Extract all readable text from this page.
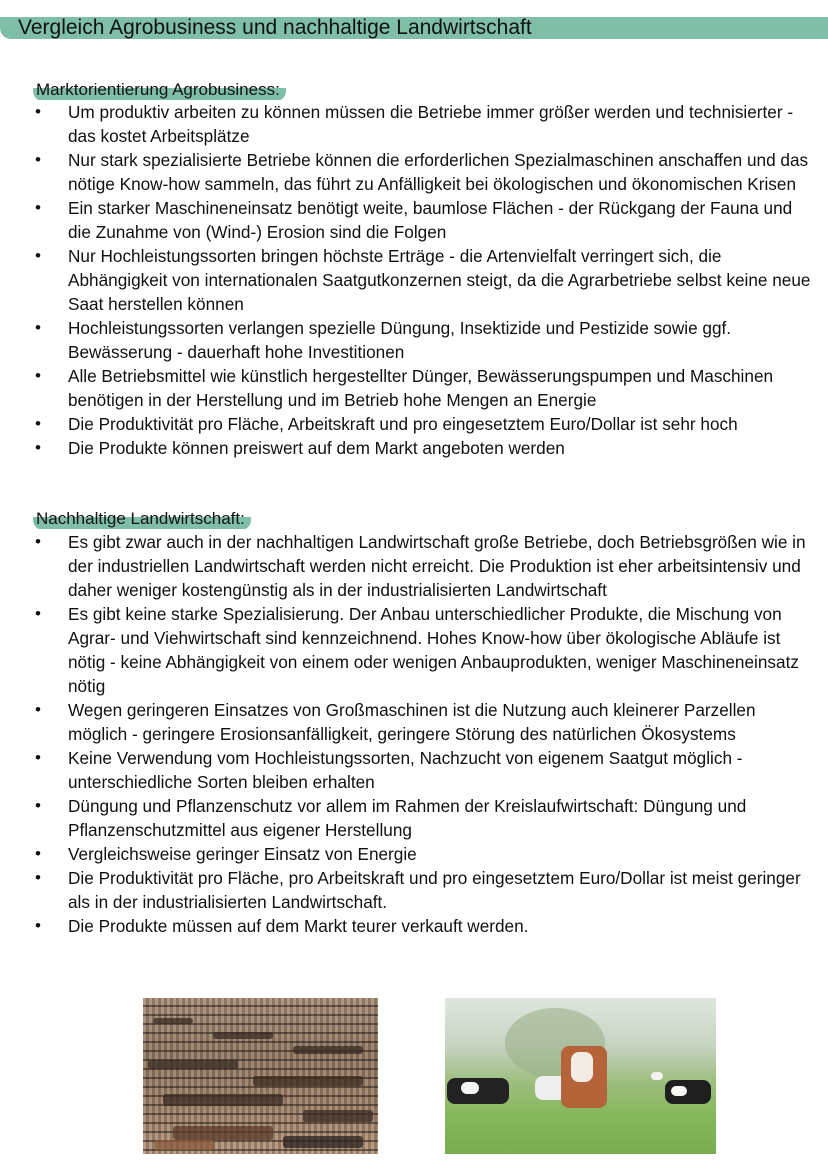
Vergleich Agrobusiness und nachhaltige Landwirtschaft
Marktorientierung Agrobusiness:
• Um produktiv arbeiten zu können müssen die Betriebe immer größer werden und technisierter - das kostet Arbeitsplätze
• Nur stark spezialisierte Betriebe können die erforderlichen Spezialmaschinen anschaffen und das nötige Know-how sammeln, das führt zu Anfälligkeit bei ökologischen und ökonomischen Krisen
• Ein starker Maschineneinsatz benötigt weite, baumlose Flächen - der Rückgang der Fauna und die Zunahme von (Wind-) Erosion sind die Folgen
• Nur Hochleistungssorten bringen höchste Erträge - die Artenvielfalt verringert sich, die Abhängigkeit von internationalen Saatgutkonzernen steigt, da die Agrarbetriebe selbst keine neue Saat herstellen können
• Hochleistungssorten verlangen spezielle Düngung, Insektizide und Pestizide sowie ggf. Bewässerung - dauerhaft hohe Investitionen
• Alle Betriebsmittel wie künstlich hergestellter Dünger, Bewässerungspumpen und Maschinen benötigen in der Herstellung und im Betrieb hohe Mengen an Energie
• Die Produktivität pro Fläche, Arbeitskraft und pro eingesetztem Euro/Dollar ist sehr hoch
• Die Produkte können preiswert auf dem Markt angeboten werden
Nachhaltige Landwirtschaft:
• Es gibt zwar auch in der nachhaltigen Landwirtschaft große Betriebe, doch Betriebsgrößen wie in der industriellen Landwirtschaft werden nicht erreicht. Die Produktion ist eher arbeitsintensiv und daher weniger kostengünstig als in der industrialisierten Landwirtschaft
• Es gibt keine starke Spezialisierung. Der Anbau unterschiedlicher Produkte, die Mischung von Agrar- und Viehwirtschaft sind kennzeichnend. Hohes Know-how über ökologische Abläufe ist nötig - keine Abhängigkeit von einem oder wenigen Anbauprodukten, weniger Maschineneinsatz nötig
• Wegen geringeren Einsatzes von Großmaschinen ist die Nutzung auch kleinerer Parzellen möglich - geringere Erosionsanfälligkeit, geringere Störung des natürlichen Ökosystems
• Keine Verwendung vom Hochleistungssorten, Nachzucht von eigenem Saatgut möglich - unterschiedliche Sorten bleiben erhalten
• Düngung und Pflanzenschutz vor allem im Rahmen der Kreislaufwirtschaft: Düngung und Pflanzenschutzmittel aus eigener Herstellung
• Vergleichsweise geringer Einsatz von Energie
• Die Produktivität pro Fläche, pro Arbeitskraft und pro eingesetztem Euro/Dollar ist meist geringer als in der industrialisierten Landwirtschaft.
• Die Produkte müssen auf dem Markt teurer verkauft werden.
